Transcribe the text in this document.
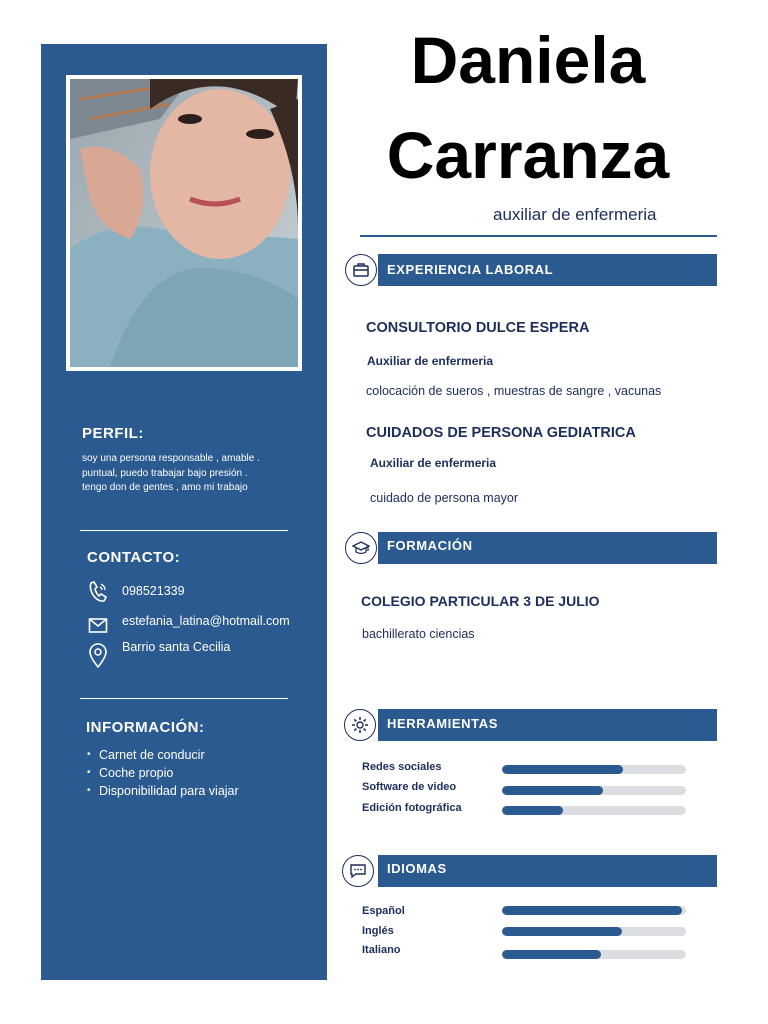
PERFIL:
soy una persona responsable , amable .
puntual, puedo trabajar bajo presión .
tengo don de gentes , amo mi trabajo
CONTACTO:
098521339
estefania_latina@hotmail.com
Barrio santa Cecilia
INFORMACIÓN:
• Carnet de conducir
• Coche propio
• Disponibilidad para viajar
Daniela
Carranza
auxiliar de enfermeria
EXPERIENCIA LABORAL
CONSULTORIO DULCE ESPERA
Auxiliar de enfermeria
colocación de sueros , muestras de sangre , vacunas
CUIDADOS DE PERSONA GEDIATRICA
Auxiliar de enfermeria
cuidado de persona mayor
FORMACIÓN
COLEGIO PARTICULAR 3 DE JULIO
bachillerato ciencias
HERRAMIENTAS
Redes sociales
Software de video
Edición fotográfica
IDIOMAS
Español
Inglés
Italiano
